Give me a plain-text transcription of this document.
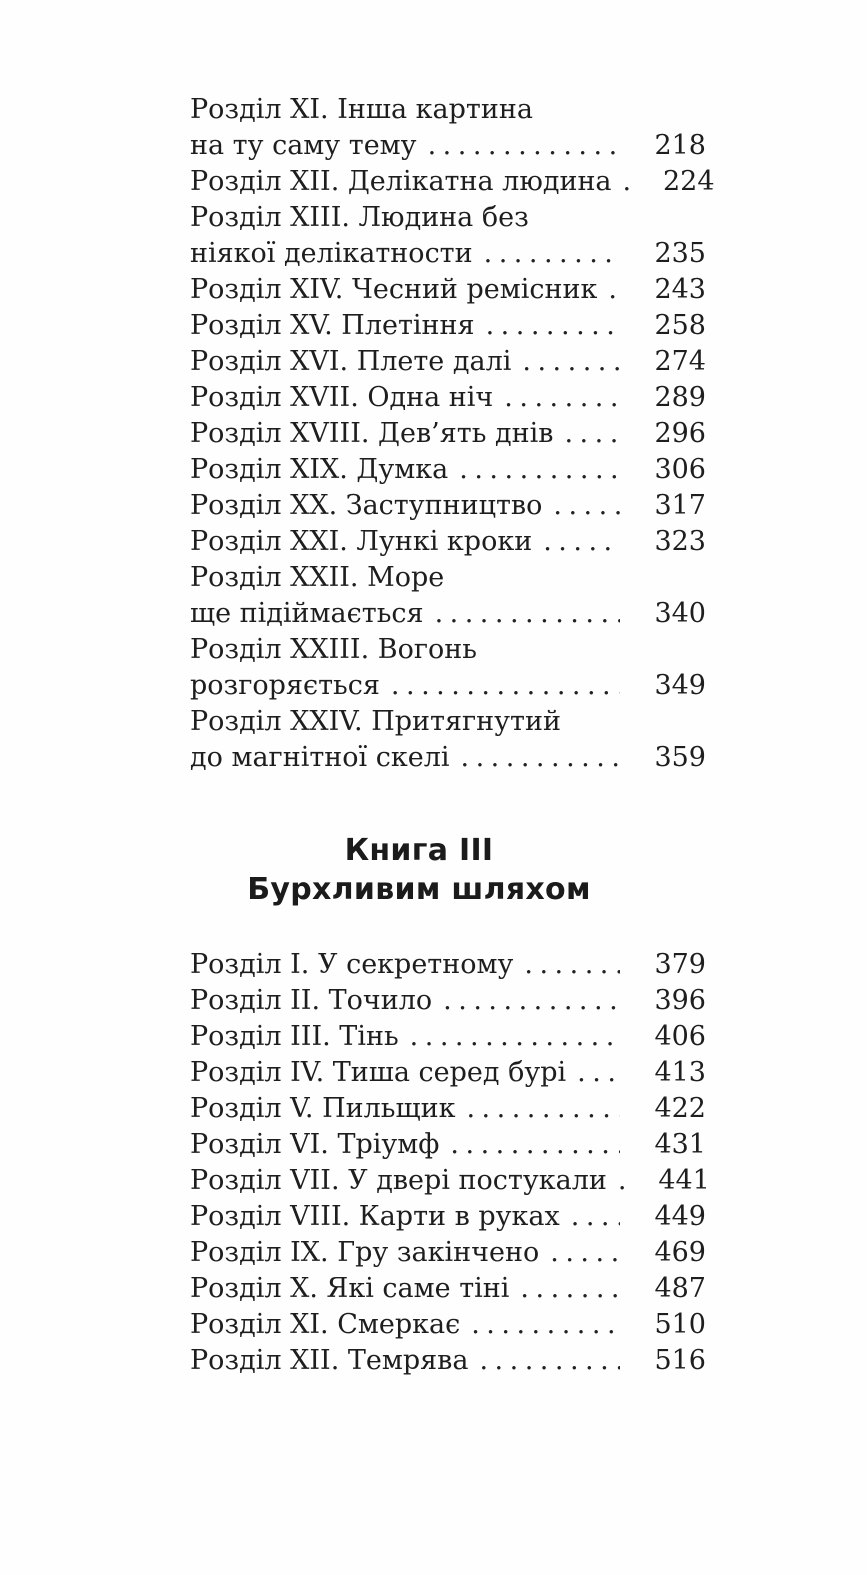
Розділ XI. Інша картина
на ту саму тему .....	218
Розділ XII. Делікатна людина .....	224
Розділ XIII. Людина без
ніякої делікатности .....	235
Розділ XIV. Чесний ремісник .....	243
Розділ XV. Плетіння .....	258
Розділ XVI. Плете далі .....	274
Розділ XVII. Одна ніч .....	289
Розділ XVIII. Дев’ять днів .....	296
Розділ XIX. Думка .....	306
Розділ XX. Заступництво .....	317
Розділ XXI. Лункі кроки .....	323
Розділ XXII. Море
ще підіймається .....	340
Розділ XXIII. Вогонь
розгоряється .....	349
Розділ XXIV. Притягнутий
до магнітної скелі .....	359
Книга III
Бурхливим шляхом
Розділ I. У секретному .....	379
Розділ II. Точило .....	396
Розділ III. Тінь .....	406
Розділ IV. Тиша серед бурі .....	413
Розділ V. Пильщик .....	422
Розділ VI. Тріумф .....	431
Розділ VII. У двері постукали .....	441
Розділ VIII. Карти в руках .....	449
Розділ IX. Гру закінчено .....	469
Розділ X. Які саме тіні .....	487
Розділ XI. Смеркає .....	510
Розділ XII. Темрява .....	516
